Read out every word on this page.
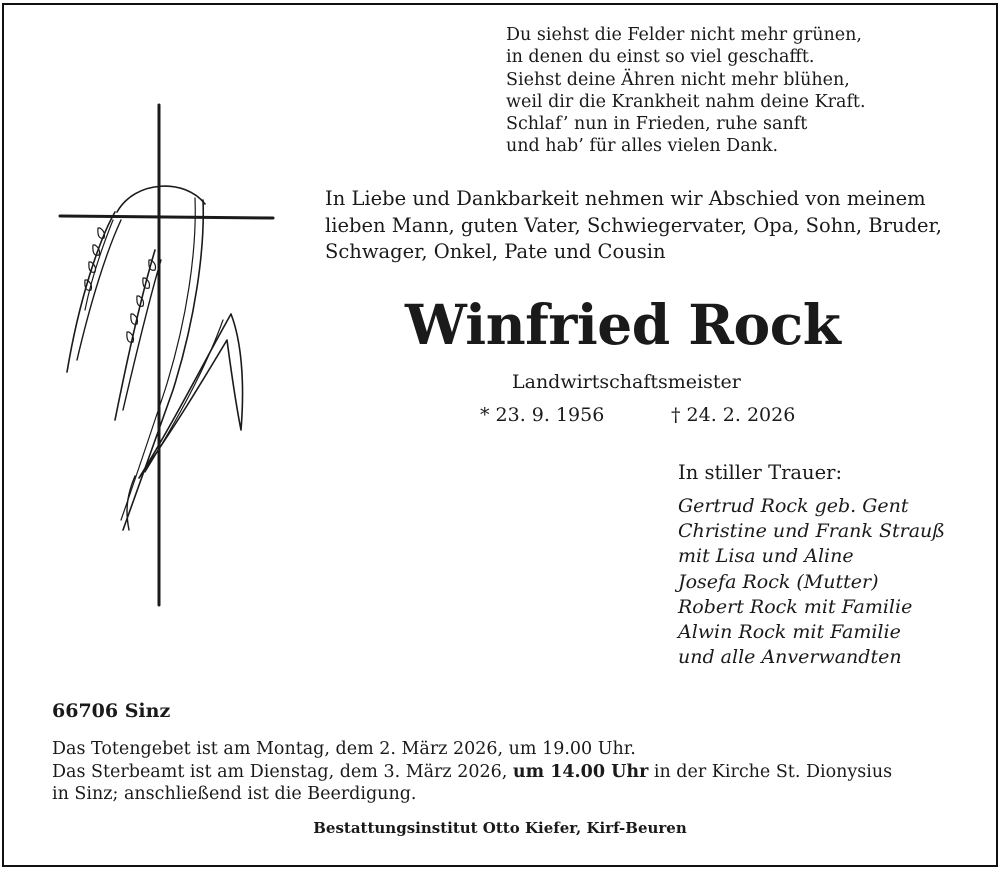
Du siehst die Felder nicht mehr grünen,
in denen du einst so viel geschafft.
Siehst deine Ähren nicht mehr blühen,
weil dir die Krankheit nahm deine Kraft.
Schlaf’ nun in Frieden, ruhe sanft
und hab’ für alles vielen Dank.
In Liebe und Dankbarkeit nehmen wir Abschied von meinem
lieben Mann, guten Vater, Schwiegervater, Opa, Sohn, Bruder,
Schwager, Onkel, Pate und Cousin
Winfried Rock
Landwirtschaftsmeister
* 23. 9. 1956	† 24. 2. 2026
In stiller Trauer:
Gertrud Rock geb. Gent
Christine und Frank Strauß
mit Lisa und Aline
Josefa Rock (Mutter)
Robert Rock mit Familie
Alwin Rock mit Familie
und alle Anverwandten
66706 Sinz
Das Totengebet ist am Montag, dem 2. März 2026, um 19.00 Uhr.
Das Sterbeamt ist am Dienstag, dem 3. März 2026, um 14.00 Uhr in der Kirche St. Dionysius
in Sinz; anschließend ist die Beerdigung.
Bestattungsinstitut Otto Kiefer, Kirf-Beuren
